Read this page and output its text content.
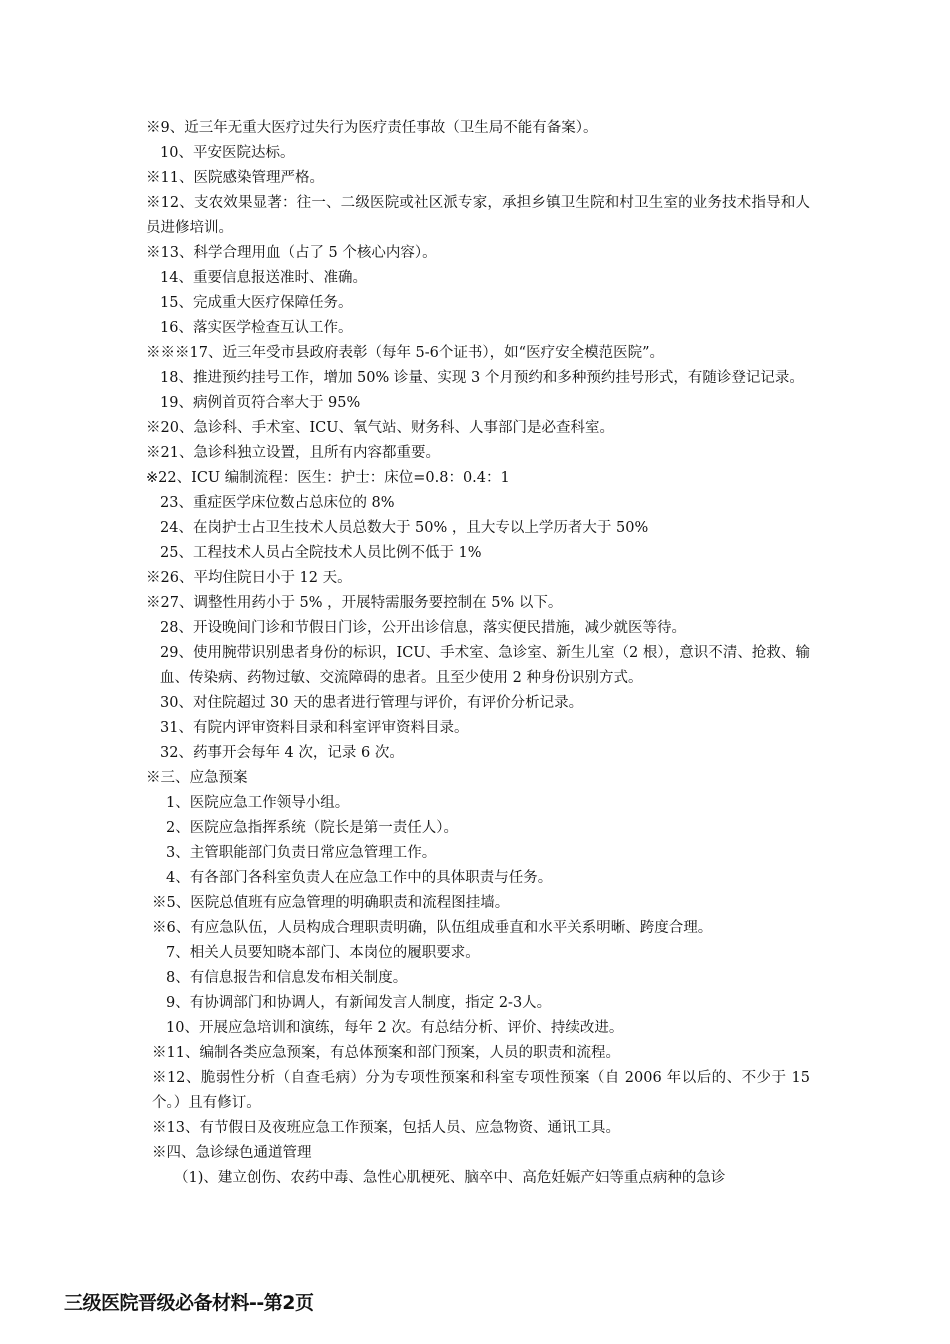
※9、近三年无重大医疗过失行为医疗责任事故（卫生局不能有备案）。
10、平安医院达标。
※11、医院感染管理严格。
※12、支农效果显著：往一、二级医院或社区派专家，承担乡镇卫生院和村卫生室的业务技术指导和人员进修培训。
※13、科学合理用血（占了 5 个核心内容）。
14、重要信息报送准时、准确。
15、完成重大医疗保障任务。
16、落实医学检查互认工作。
※※※17、近三年受市县政府表彰（每年 5-6个证书），如“医疗安全模范医院”。
18、推进预约挂号工作，增加 50% 诊量、实现 3 个月预约和多种预约挂号形式，有随诊登记记录。
19、病例首页符合率大于 95%
※20、急诊科、手术室、ICU、氧气站、财务科、人事部门是必查科室。
※21、急诊科独立设置，且所有内容都重要。
※22、ICU 编制流程：医生：护士：床位=0.8：0.4：1
23、重症医学床位数占总床位的 8%
24、在岗护士占卫生技术人员总数大于 50% ，且大专以上学历者大于 50%
25、工程技术人员占全院技术人员比例不低于 1%
※26、平均住院日小于 12 天。
※27、调整性用药小于 5% ，开展特需服务要控制在 5% 以下。
28、开设晚间门诊和节假日门诊，公开出诊信息，落实便民措施，减少就医等待。
29、使用腕带识别患者身份的标识，ICU、手术室、急诊室、新生儿室（2 根），意识不清、抢救、输血、传染病、药物过敏、交流障碍的患者。且至少使用 2 种身份识别方式。
30、对住院超过 30 天的患者进行管理与评价，有评价分析记录。
31、有院内评审资料目录和科室评审资料目录。
32、药事开会每年 4 次，记录 6 次。
※三、应急预案
1、医院应急工作领导小组。
2、医院应急指挥系统（院长是第一责任人）。
3、主管职能部门负责日常应急管理工作。
4、有各部门各科室负责人在应急工作中的具体职责与任务。
※5、医院总值班有应急管理的明确职责和流程图挂墙。
※6、有应急队伍，人员构成合理职责明确，队伍组成垂直和水平关系明晰、跨度合理。
7、相关人员要知晓本部门、本岗位的履职要求。
8、有信息报告和信息发布相关制度。
9、有协调部门和协调人，有新闻发言人制度，指定 2-3人。
10、开展应急培训和演练，每年 2 次。有总结分析、评价、持续改进。
※11、编制各类应急预案，有总体预案和部门预案，人员的职责和流程。
※12、脆弱性分析（自查毛病）分为专项性预案和科室专项性预案（自 2006 年以后的、不少于 15 个。）且有修订。
※13、有节假日及夜班应急工作预案，包括人员、应急物资、通讯工具。
※四、急诊绿色通道管理
（1)、建立创伤、农药中毒、急性心肌梗死、脑卒中、高危妊娠产妇等重点病种的急诊
三级医院晋级必备材料--第2页
